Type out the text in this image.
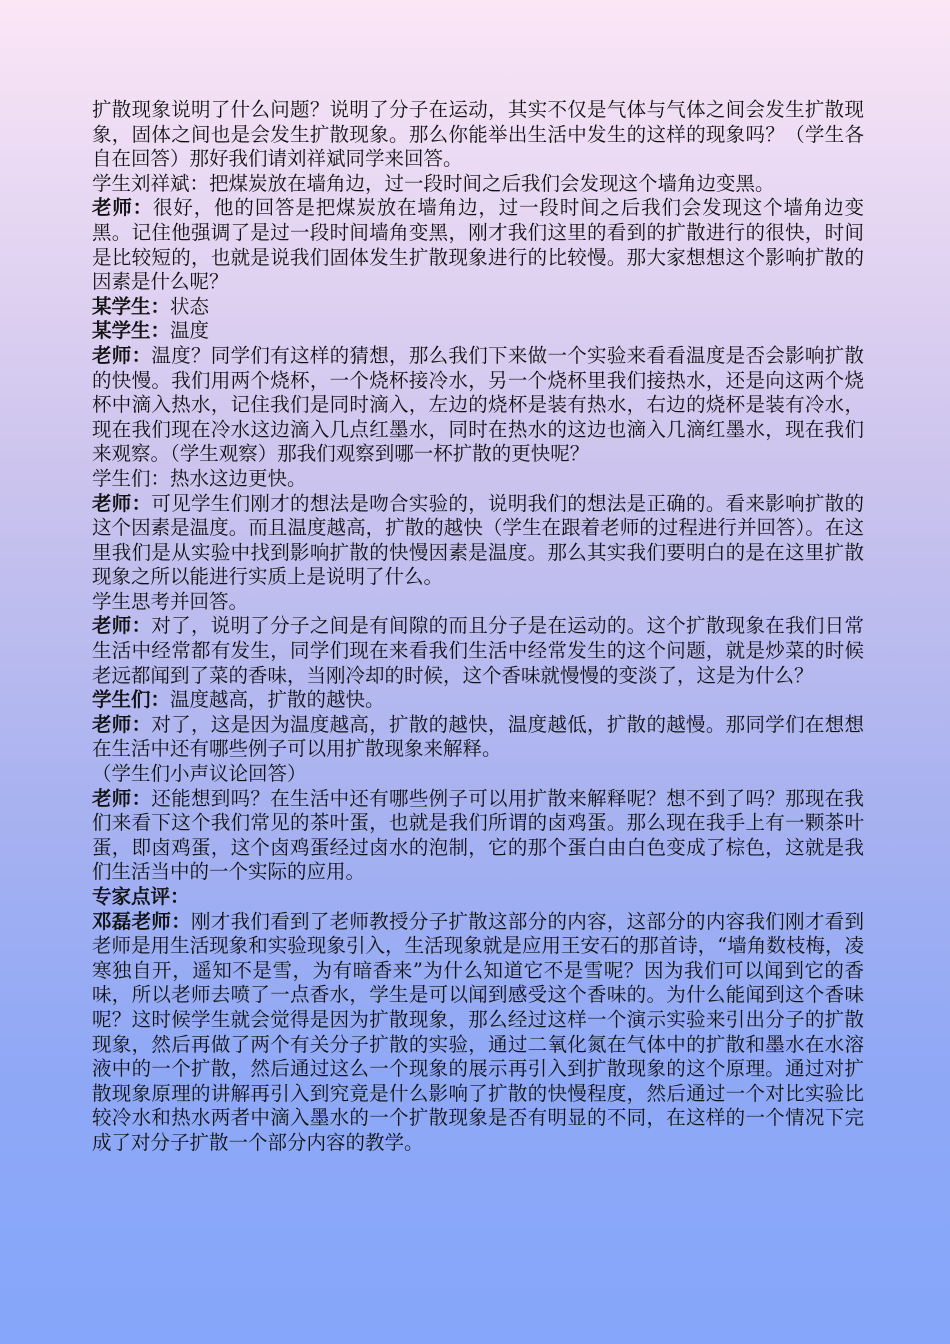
扩散现象说明了什么问题？说明了分子在运动，其实不仅是气体与气体之间会发生扩散现象，固体之间也是会发生扩散现象。那么你能举出生活中发生的这样的现象吗？（学生各自在回答）那好我们请刘祥斌同学来回答。

学生刘祥斌：把煤炭放在墙角边，过一段时间之后我们会发现这个墙角边变黑。

老师：很好，他的回答是把煤炭放在墙角边，过一段时间之后我们会发现这个墙角边变黑。记住他强调了是过一段时间墙角变黑，刚才我们这里的看到的扩散进行的很快，时间是比较短的，也就是说我们固体发生扩散现象进行的比较慢。那大家想想这个影响扩散的因素是什么呢？

某学生：状态

某学生：温度

老师：温度？同学们有这样的猜想，那么我们下来做一个实验来看看温度是否会影响扩散的快慢。我们用两个烧杯，一个烧杯接冷水，另一个烧杯里我们接热水，还是向这两个烧杯中滴入热水，记住我们是同时滴入，左边的烧杯是装有热水，右边的烧杯是装有冷水，现在我们现在冷水这边滴入几点红墨水，同时在热水的这边也滴入几滴红墨水，现在我们来观察。（学生观察）那我们观察到哪一杯扩散的更快呢？

学生们：热水这边更快。

老师：可见学生们刚才的想法是吻合实验的，说明我们的想法是正确的。看来影响扩散的这个因素是温度。而且温度越高，扩散的越快（学生在跟着老师的过程进行并回答）。在这里我们是从实验中找到影响扩散的快慢因素是温度。那么其实我们要明白的是在这里扩散现象之所以能进行实质上是说明了什么。

学生思考并回答。

老师：对了，说明了分子之间是有间隙的而且分子是在运动的。这个扩散现象在我们日常生活中经常都有发生，同学们现在来看我们生活中经常发生的这个问题，就是炒菜的时候老远都闻到了菜的香味，当刚冷却的时候，这个香味就慢慢的变淡了，这是为什么？

学生们：温度越高，扩散的越快。

老师：对了，这是因为温度越高，扩散的越快，温度越低，扩散的越慢。那同学们在想想在生活中还有哪些例子可以用扩散现象来解释。

（学生们小声议论回答）

老师：还能想到吗？在生活中还有哪些例子可以用扩散来解释呢？想不到了吗？那现在我们来看下这个我们常见的茶叶蛋，也就是我们所谓的卤鸡蛋。那么现在我手上有一颗茶叶蛋，即卤鸡蛋，这个卤鸡蛋经过卤水的泡制，它的那个蛋白由白色变成了棕色，这就是我们生活当中的一个实际的应用。

专家点评：

邓磊老师：刚才我们看到了老师教授分子扩散这部分的内容，这部分的内容我们刚才看到老师是用生活现象和实验现象引入，生活现象就是应用王安石的那首诗，“墙角数枝梅，凌寒独自开，遥知不是雪，为有暗香来”为什么知道它不是雪呢？因为我们可以闻到它的香味，所以老师去喷了一点香水，学生是可以闻到感受这个香味的。为什么能闻到这个香味呢？这时候学生就会觉得是因为扩散现象，那么经过这样一个演示实验来引出分子的扩散现象，然后再做了两个有关分子扩散的实验，通过二氧化氮在气体中的扩散和墨水在水溶液中的一个扩散，然后通过这么一个现象的展示再引入到扩散现象的这个原理。通过对扩散现象原理的讲解再引入到究竟是什么影响了扩散的快慢程度，然后通过一个对比实验比较冷水和热水两者中滴入墨水的一个扩散现象是否有明显的不同，在这样的一个情况下完成了对分子扩散一个部分内容的教学。
